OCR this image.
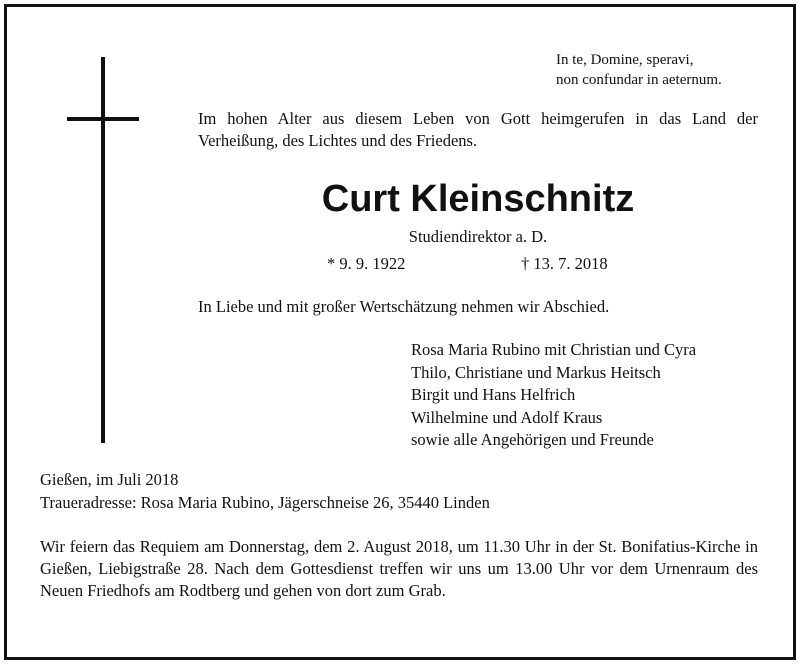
In te, Domine, speravi,
non confundar in aeternum.
Im hohen Alter aus diesem Leben von Gott heimgerufen in das Land der Verheißung, des Lichtes und des Friedens.
Curt Kleinschnitz
Studiendirektor a. D.
* 9. 9. 1922	† 13. 7. 2018
In Liebe und mit großer Wertschätzung nehmen wir Abschied.
Rosa Maria Rubino mit Christian und Cyra
Thilo, Christiane und Markus Heitsch
Birgit und Hans Helfrich
Wilhelmine und Adolf Kraus
sowie alle Angehörigen und Freunde
Gießen, im Juli 2018
Traueradresse: Rosa Maria Rubino, Jägerschneise 26, 35440 Linden
Wir feiern das Requiem am Donnerstag, dem 2. August 2018, um 11.30 Uhr in der St. Bonifatius-Kirche in Gießen, Liebigstraße 28. Nach dem Gottesdienst treffen wir uns um 13.00 Uhr vor dem Urnenraum des Neuen Friedhofs am Rodtberg und gehen von dort zum Grab.
